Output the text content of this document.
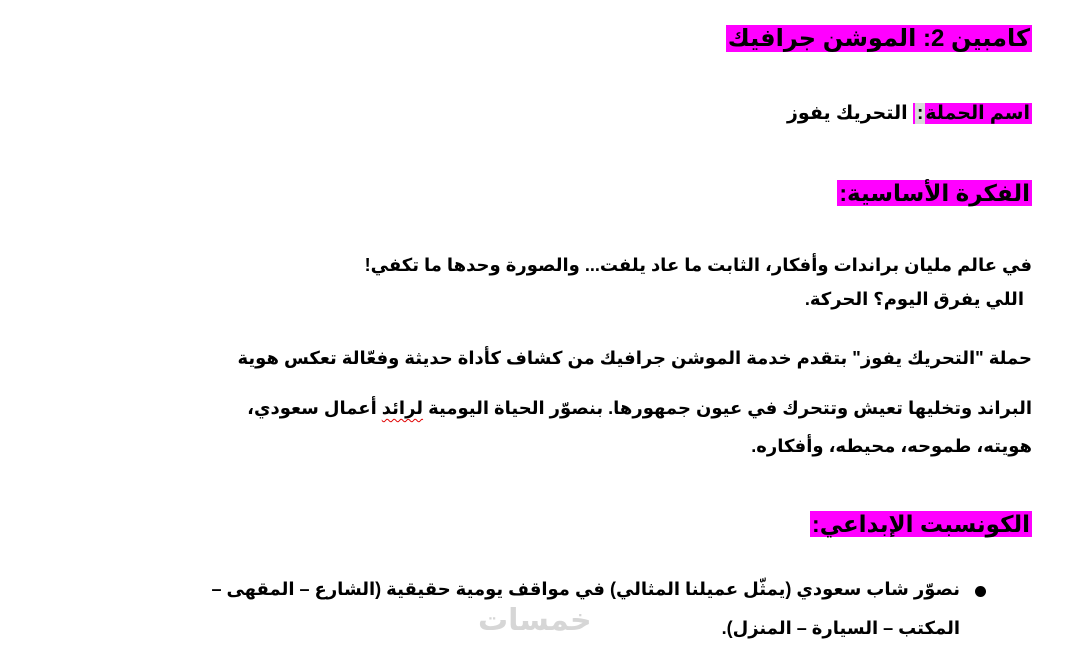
كامبين 2: الموشن جرافيك
اسم الحملة: التحريك يفوز
الفكرة الأساسية:
في عالم مليان براندات وأفكار، الثابت ما عاد يلفت... والصورة وحدها ما تكفي!
اللي يفرق اليوم؟ الحركة.
حملة "التحريك يفوز" بتقدم خدمة الموشن جرافيك من كشاف كأداة حديثة وفعّالة تعكس هوية
البراند وتخليها تعيش وتتحرك في عيون جمهورها. بنصوّر الحياة اليومية لرائد أعمال سعودي،
هويته، طموحه، محيطه، وأفكاره.
الكونسبت الإبداعي:
نصوّر شاب سعودي (يمثّل عميلنا المثالي) في مواقف يومية حقيقية (الشارع – المقهى –
المكتب – السيارة – المنزل).
خمسات
